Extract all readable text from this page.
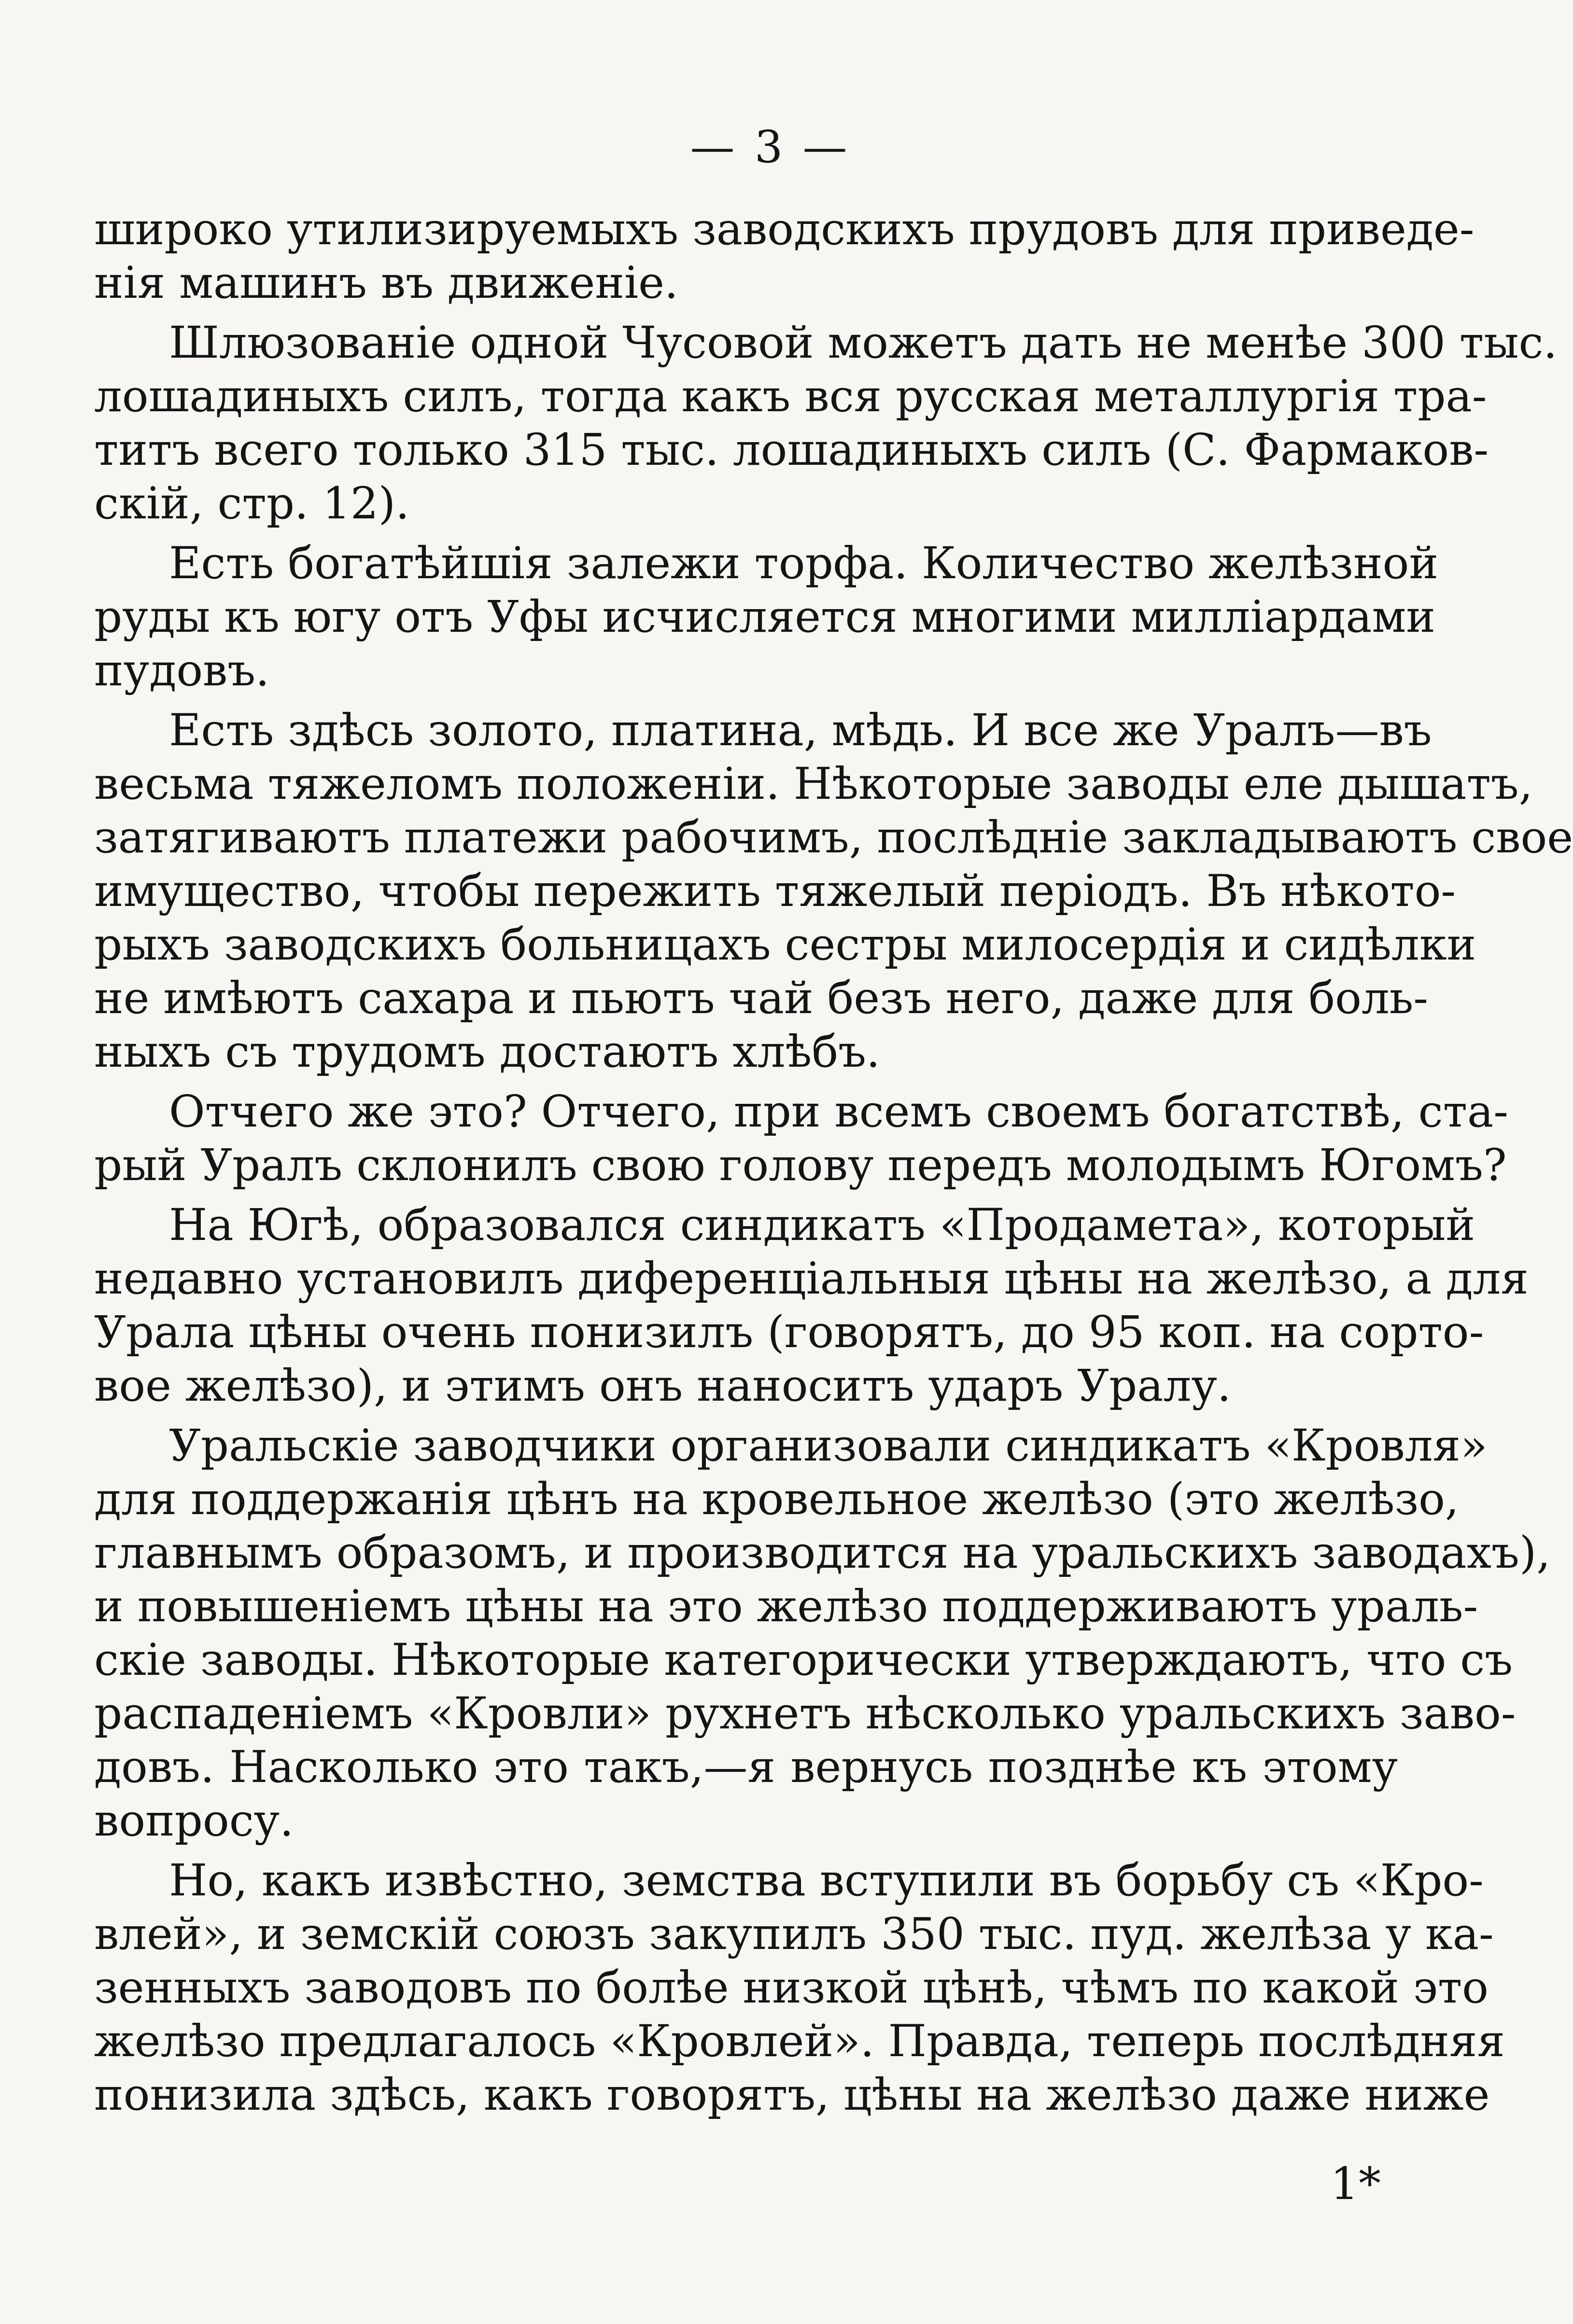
— 3 —
широко утилизируемыхъ заводскихъ прудовъ для приведе-
нія машинъ въ движеніе.
Шлюзованіе одной Чусовой можетъ дать не менѣе 300 тыс.
лошадиныхъ силъ, тогда какъ вся русская металлургія тра-
титъ всего только 315 тыс. лошадиныхъ силъ (С. Фармаков-
скій, стр. 12).
Есть богатѣйшія залежи торфа. Количество желѣзной
руды къ югу отъ Уфы исчисляется многими милліардами
пудовъ.
Есть здѣсь золото, платина, мѣдь. И все же Уралъ—въ
весьма тяжеломъ положеніи. Нѣкоторые заводы еле дышатъ,
затягиваютъ платежи рабочимъ, послѣдніе закладываютъ свое
имущество, чтобы пережить тяжелый періодъ. Въ нѣкото-
рыхъ заводскихъ больницахъ сестры милосердія и сидѣлки
не имѣютъ сахара и пьютъ чай безъ него, даже для боль-
ныхъ съ трудомъ достаютъ хлѣбъ.
Отчего же это? Отчего, при всемъ своемъ богатствѣ, ста-
рый Уралъ склонилъ свою голову передъ молодымъ Югомъ?
На Югѣ, образовался синдикатъ «Продамета», который
недавно установилъ диференціальныя цѣны на желѣзо, а для
Урала цѣны очень понизилъ (говорятъ, до 95 коп. на сорто-
вое желѣзо), и этимъ онъ наноситъ ударъ Уралу.
Уральскіе заводчики организовали синдикатъ «Кровля»
для поддержанія цѣнъ на кровельное желѣзо (это желѣзо,
главнымъ образомъ, и производится на уральскихъ заводахъ),
и повышеніемъ цѣны на это желѣзо поддерживаютъ ураль-
скіе заводы. Нѣкоторые категорически утверждаютъ, что съ
распаденіемъ «Кровли» рухнетъ нѣсколько уральскихъ заво-
довъ. Насколько это такъ,—я вернусь позднѣе къ этому
вопросу.
Но, какъ извѣстно, земства вступили въ борьбу съ «Кро-
влей», и земскій союзъ закупилъ 350 тыс. пуд. желѣза у ка-
зенныхъ заводовъ по болѣе низкой цѣнѣ, чѣмъ по какой это
желѣзо предлагалось «Кровлей». Правда, теперь послѣдняя
понизила здѣсь, какъ говорятъ, цѣны на желѣзо даже ниже
1*
